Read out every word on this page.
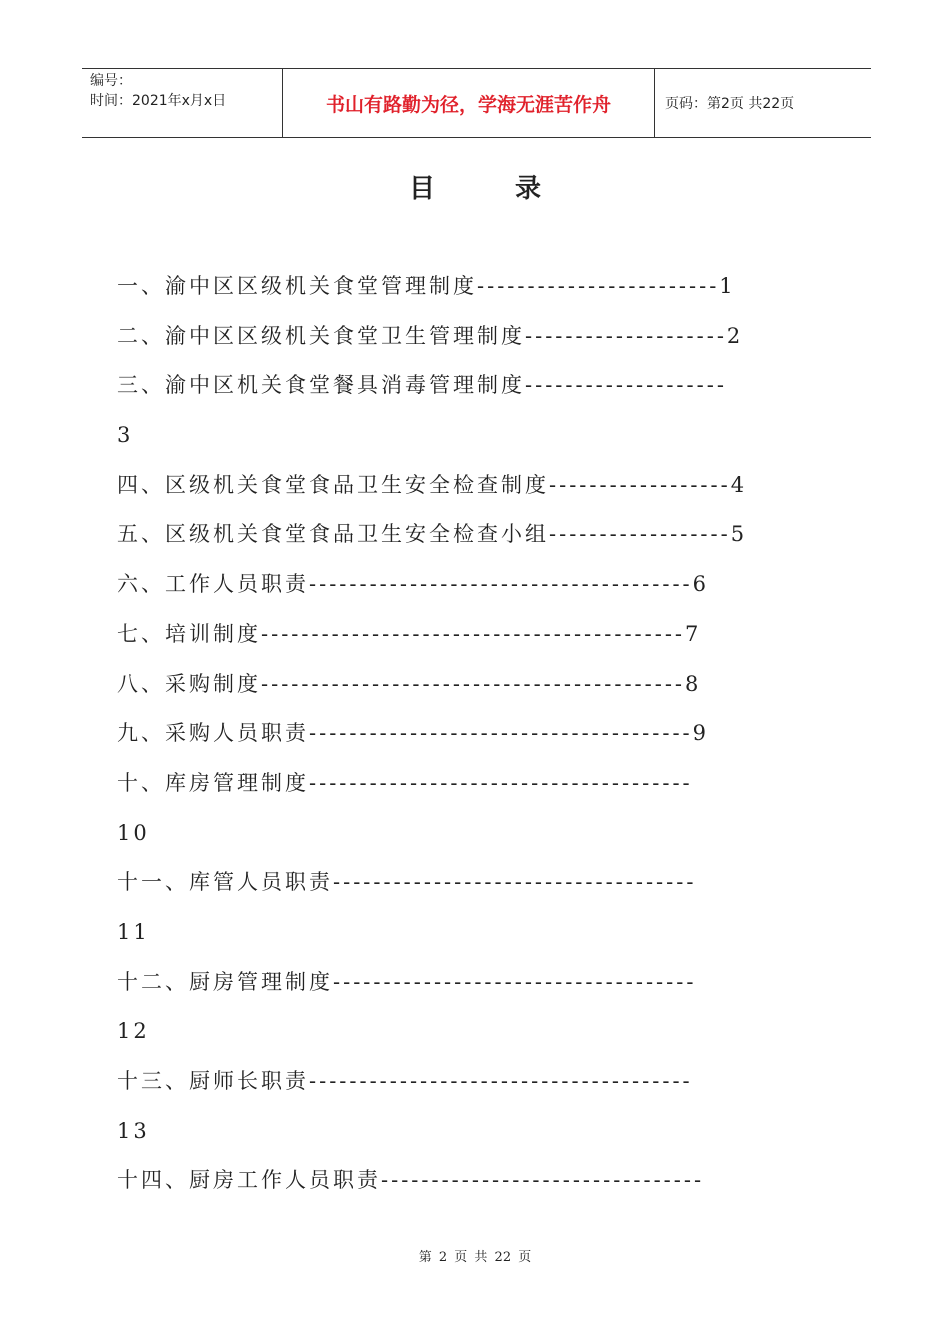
编号：
时间：2021年x月x日	书山有路勤为径，学海无涯苦作舟	页码：第2页 共22页
目录
一、渝中区区级机关食堂管理制度------------------------1
二、渝中区区级机关食堂卫生管理制度--------------------2
三、渝中区机关食堂餐具消毒管理制度--------------------
3
四、区级机关食堂食品卫生安全检查制度------------------4
五、区级机关食堂食品卫生安全检查小组------------------5
六、工作人员职责--------------------------------------6
七、培训制度------------------------------------------7
八、采购制度------------------------------------------8
九、采购人员职责--------------------------------------9
十、库房管理制度--------------------------------------
10
十一、库管人员职责------------------------------------
11
十二、厨房管理制度------------------------------------
12
十三、厨师长职责--------------------------------------
13
十四、厨房工作人员职责--------------------------------
第 2 页 共 22 页
